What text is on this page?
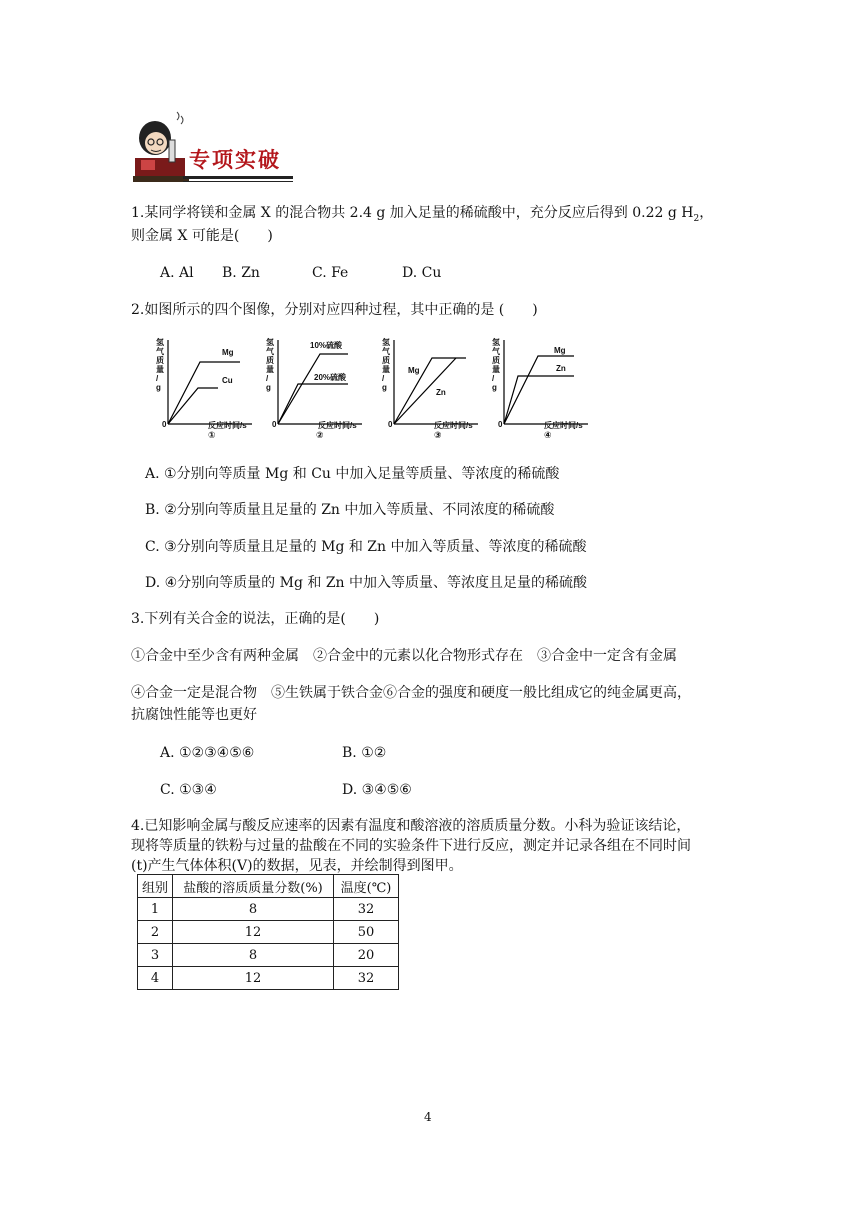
专项实破
1.某同学将镁和金属 X 的混合物共 2.4 g 加入足量的稀硫酸中，充分反应后得到 0.22 g $H_2$，
则金属 X 可能是(　　)
A. Al B. Zn	C. Fe	D. Cu
2.如图所示的四个图像，分别对应四种过程，其中正确的是 (　　)
Mg
Cu
氢
气
质
量
/
g
0	反应时间/s
①
10%硫酸
20%硫酸
氢
气
质
量
/
g
0	反应时间/s
②
Mg
Zn
氢
气
质
量
/
g
0	反应时间/s
③
Mg
Zn
氢
气
质
量
/
g
0	反应时间/s
④
A. ①分别向等质量 Mg 和 Cu 中加入足量等质量、等浓度的稀硫酸
B. ②分别向等质量且足量的 Zn 中加入等质量、不同浓度的稀硫酸
C. ③分别向等质量且足量的 Mg 和 Zn 中加入等质量、等浓度的稀硫酸
D. ④分别向等质量的 Mg 和 Zn 中加入等质量、等浓度且足量的稀硫酸
3.下列有关合金的说法，正确的是(　　)
①合金中至少含有两种金属　②合金中的元素以化合物形式存在　③合金中一定含有金属
④合金一定是混合物　⑤生铁属于铁合金⑥合金的强度和硬度一般比组成它的纯金属更高，
抗腐蚀性能等也更好
A. ①②③④⑤⑥	B. ①②
C. ①③④	D. ③④⑤⑥
4.已知影响金属与酸反应速率的因素有温度和酸溶液的溶质质量分数。小科为验证该结论，
现将等质量的铁粉与过量的盐酸在不同的实验条件下进行反应，测定并记录各组在不同时间
(t)产生气体体积(V)的数据，见表，并绘制得到图甲。
组别	盐酸的溶质质量分数(%)	温度(℃)
1	8	32
2	12	50
3	8	20
4	12	32
4
